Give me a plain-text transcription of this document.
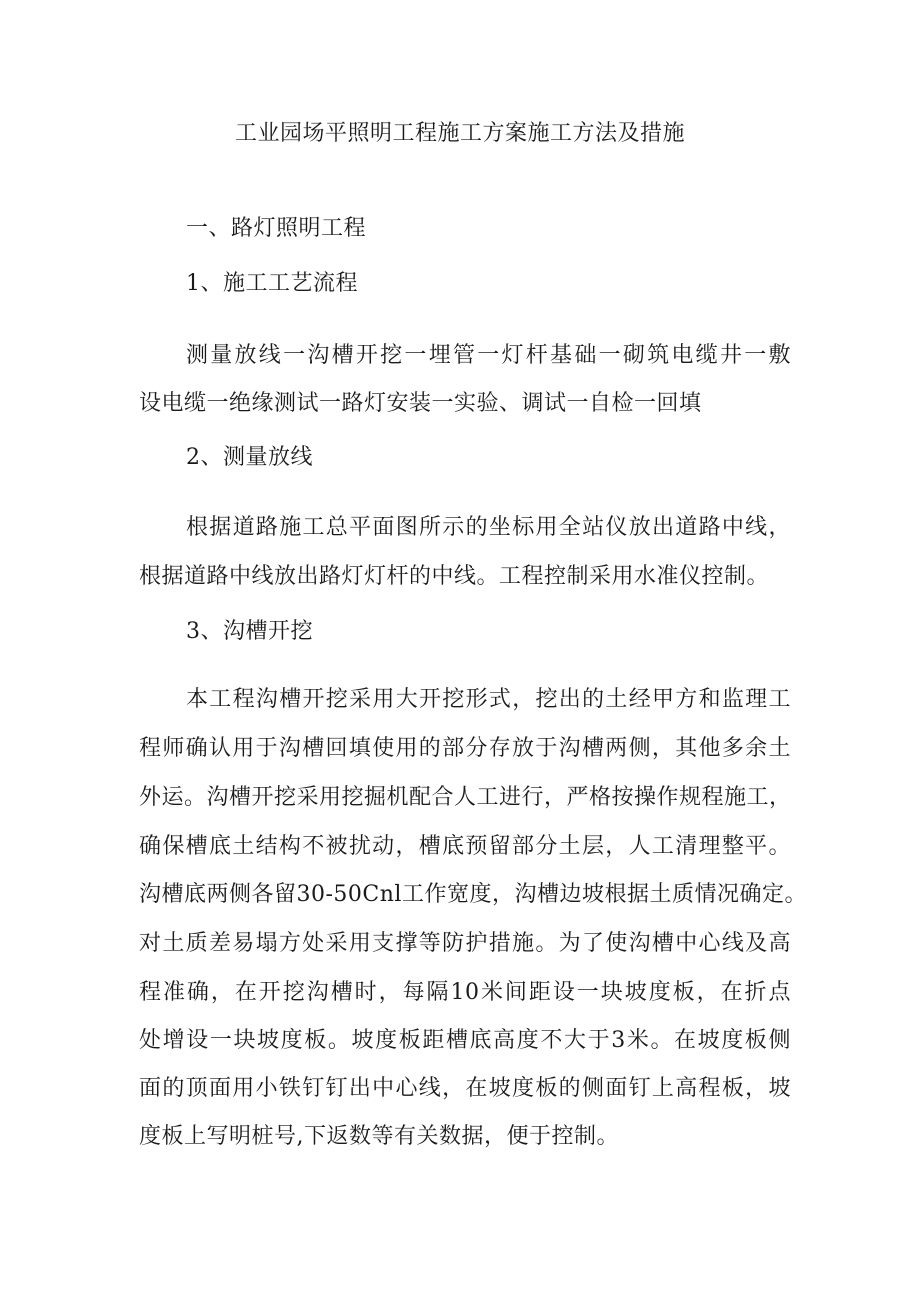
工业园场平照明工程施工方案施工方法及措施
一、路灯照明工程
1、施工工艺流程
测量放线一沟槽开挖一埋管一灯杆基础一砌筑电缆井一敷
设电缆一绝缘测试一路灯安装一实验、调试一自检一回填
2、测量放线
根据道路施工总平面图所示的坐标用全站仪放出道路中线，
根据道路中线放出路灯灯杆的中线。工程控制采用水准仪控制。
3、沟槽开挖
本工程沟槽开挖采用大开挖形式，挖出的土经甲方和监理工
程师确认用于沟槽回填使用的部分存放于沟槽两侧，其他多余土
外运。沟槽开挖采用挖掘机配合人工进行，严格按操作规程施工，
确保槽底土结构不被扰动，槽底预留部分土层，人工清理整平。
沟槽底两侧各留30-50Cnl工作宽度，沟槽边坡根据土质情况确定。
对土质差易塌方处采用支撑等防护措施。为了使沟槽中心线及高
程准确，在开挖沟槽时，每隔10米间距设一块坡度板，在折点
处增设一块坡度板。坡度板距槽底高度不大于3米。在坡度板侧
面的顶面用小铁钉钉出中心线，在坡度板的侧面钉上高程板，坡
度板上写明桩号,下返数等有关数据，便于控制。
